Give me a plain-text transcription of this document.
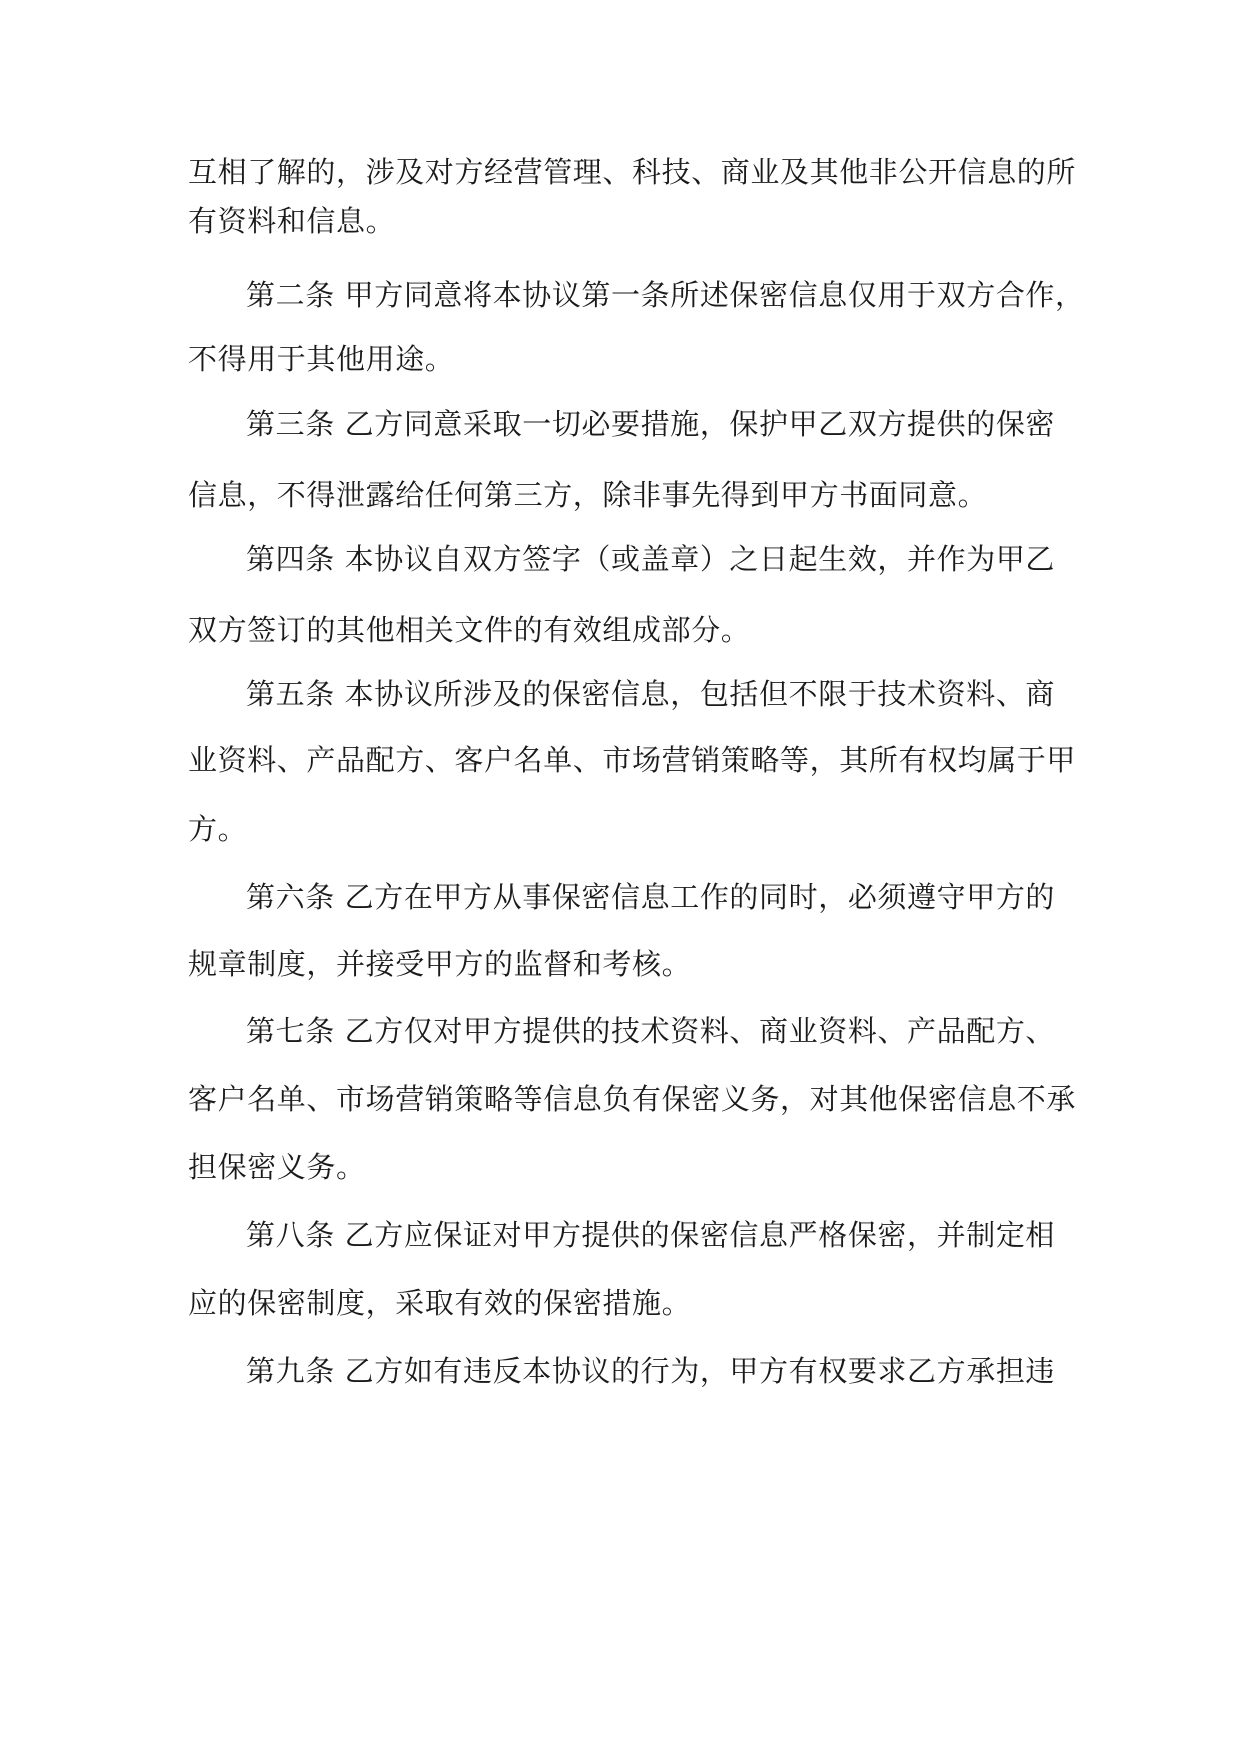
互相了解的，涉及对方经营管理、科技、商业及其他非公开信息的所
有资料和信息。
第二条 甲方同意将本协议第一条所述保密信息仅用于双方合作，
不得用于其他用途。
第三条 乙方同意采取一切必要措施，保护甲乙双方提供的保密
信息，不得泄露给任何第三方，除非事先得到甲方书面同意。
第四条 本协议自双方签字（或盖章）之日起生效，并作为甲乙
双方签订的其他相关文件的有效组成部分。
第五条 本协议所涉及的保密信息，包括但不限于技术资料、商
业资料、产品配方、客户名单、市场营销策略等，其所有权均属于甲
方。
第六条 乙方在甲方从事保密信息工作的同时，必须遵守甲方的
规章制度，并接受甲方的监督和考核。
第七条 乙方仅对甲方提供的技术资料、商业资料、产品配方、
客户名单、市场营销策略等信息负有保密义务，对其他保密信息不承
担保密义务。
第八条 乙方应保证对甲方提供的保密信息严格保密，并制定相
应的保密制度，采取有效的保密措施。
第九条 乙方如有违反本协议的行为，甲方有权要求乙方承担违
